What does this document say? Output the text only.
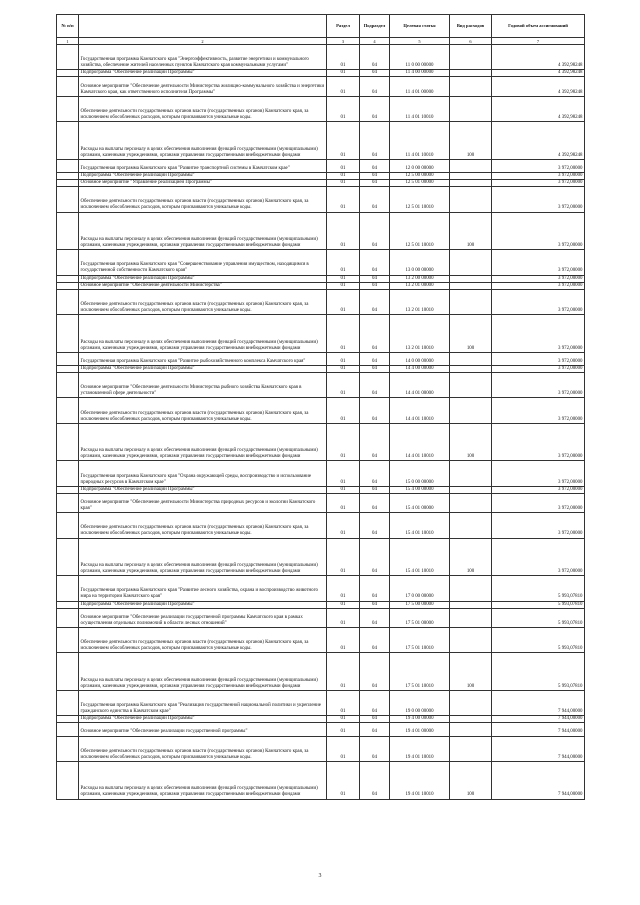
№ п/п		Раздел	Подраздел	Целевая статья	Вид расходов	Годовой объем ассигнований
1	2	3	4	5	6	7
	Государственная программа Камчатского края "Энергоэффективность, развитие энергетики и коммунального хозяйства, обеспечение жителей населенных пунктов Камчатского края коммунальными услугами"	01	04	11 0 00 00000		4 392,98248
	Подпрограмма "Обеспечение реализации Программы"	01	04	11 4 00 00000		4 392,98248
	Основное мероприятие "Обеспечение деятельности Министерства жилищно-коммунального хозяйства и энергетики Камчатского края, как ответственного исполнителя Программы"	01	04	11 4 01 00000		4 392,98248
	Обеспечение деятельности государственных органов власти (государственных органов) Камчатского края, за исключением обособленных расходов, которым присваиваются уникальные коды.	01	04	11 4 01 10010		4 392,98248
	Расходы на выплаты персоналу в целях обеспечения выполнения функций государственными (муниципальными) органами, казенными учреждениями, органами управления государственными внебюджетными фондами	01	04	11 4 01 10010	100	4 392,98248
	Государственная программа Камчатского края "Развитие транспортной системы в Камчатском крае"	01	04	12 0 00 00000		3 972,00000
	Подпрограмма "Обеспечение реализации Программы"	01	04	12 5 00 00000		3 972,00000
	Основное мероприятие "Управление реализацией Программы"	01	04	12 5 01 00000		3 972,00000
	Обеспечение деятельности государственных органов власти (государственных органов) Камчатского края, за исключением обособленных расходов, которым присваиваются уникальные коды.	01	04	12 5 01 10010		3 972,00000
	Расходы на выплаты персоналу в целях обеспечения выполнения функций государственными (муниципальными) органами, казенными учреждениями, органами управления государственными внебюджетными фондами	01	04	12 5 01 10010	100	3 972,00000
	Государственная программа Камчатского края "Совершенствование управления имуществом, находящимся в государственной собственности Камчатского края"	01	04	13 0 00 00000		3 972,00000
	Подпрограмма "Обеспечение реализации Программы"	01	04	13 2 00 00000		3 972,00000
	Основное мероприятие "Обеспечение деятельности Министерства"	01	04	13 2 01 00000		3 972,00000
	Обеспечение деятельности государственных органов власти (государственных органов) Камчатского края, за исключением обособленных расходов, которым присваиваются уникальные коды.	01	04	13 2 01 10010		3 972,00000
	Расходы на выплаты персоналу в целях обеспечения выполнения функций государственными (муниципальными) органами, казенными учреждениями, органами управления государственными внебюджетными фондами	01	04	13 2 01 10010	100	3 972,00000
	Государственная программа Камчатского края "Развитие рыбохозяйственного комплекса Камчатского края"	01	04	14 0 00 00000		3 972,00000
	Подпрограмма "Обеспечение реализации Программы"	01	04	14 4 00 00000		3 972,00000
	Основное мероприятие "Обеспечение деятельности Министерства рыбного хозяйства Камчатского края в установленной сфере деятельности"	01	04	14 4 01 00000		3 972,00000
	Обеспечение деятельности государственных органов власти (государственных органов) Камчатского края, за исключением обособленных расходов, которым присваиваются уникальные коды.	01	04	14 4 01 10010		3 972,00000
	Расходы на выплаты персоналу в целях обеспечения выполнения функций государственными (муниципальными) органами, казенными учреждениями, органами управления государственными внебюджетными фондами	01	04	14 4 01 10010	100	3 972,00000
	Государственная программа Камчатского края "Охрана окружающей среды, воспроизводство и использование природных ресурсов в Камчатском крае"	01	04	15 0 00 00000		3 972,00000
	Подпрограмма "Обеспечение реализации Программы"	01	04	15 4 00 00000		3 972,00000
	Основное мероприятие "Обеспечение деятельности Министерства природных ресурсов и экологии Камчатского края"	01	04	15 4 01 00000		3 972,00000
	Обеспечение деятельности государственных органов власти (государственных органов) Камчатского края, за исключением обособленных расходов, которым присваиваются уникальные коды.	01	04	15 4 01 10010		3 972,00000
	Расходы на выплаты персоналу в целях обеспечения выполнения функций государственными (муниципальными) органами, казенными учреждениями, органами управления государственными внебюджетными фондами	01	04	15 4 01 10010	100	3 972,00000
	Государственная программа Камчатского края "Развитие лесного хозяйства, охрана и воспроизводство животного мира на территории Камчатского края"	01	04	17 0 00 00000		5 993,07810
	Подпрограмма "Обеспечение реализации Программы"	01	04	17 5 00 00000		5 993,07810
	Основное мероприятие "Обеспечение реализации государственной программы Камчатского края в рамках осуществления отдельных полномочий в области лесных отношений"	01	04	17 5 01 00000		5 993,07810
	Обеспечение деятельности государственных органов власти (государственных органов) Камчатского края, за исключением обособленных расходов, которым присваиваются уникальные коды.	01	04	17 5 01 10010		5 993,07810
	Расходы на выплаты персоналу в целях обеспечения выполнения функций государственными (муниципальными) органами, казенными учреждениями, органами управления государственными внебюджетными фондами	01	04	17 5 01 10010	100	5 993,07810
	Государственная программа Камчатского края "Реализация государственной национальной политики и укрепление гражданского единства в Камчатском крае"	01	04	19 0 00 00000		7 944,00000
	Подпрограмма "Обеспечение реализации Программы"	01	04	19 4 00 00000		7 944,00000
	Основное мероприятие "Обеспечение реализации государственной программы"	01	04	19 4 01 00000		7 944,00000
	Обеспечение деятельности государственных органов власти (государственных органов) Камчатского края, за исключением обособленных расходов, которым присваиваются уникальные коды.	01	04	19 4 01 10010		7 944,00000
	Расходы на выплаты персоналу в целях обеспечения выполнения функций государственными (муниципальными) органами, казенными учреждениями, органами управления государственными внебюджетными фондами	01	04	19 4 01 10010	100	7 944,00000
3
